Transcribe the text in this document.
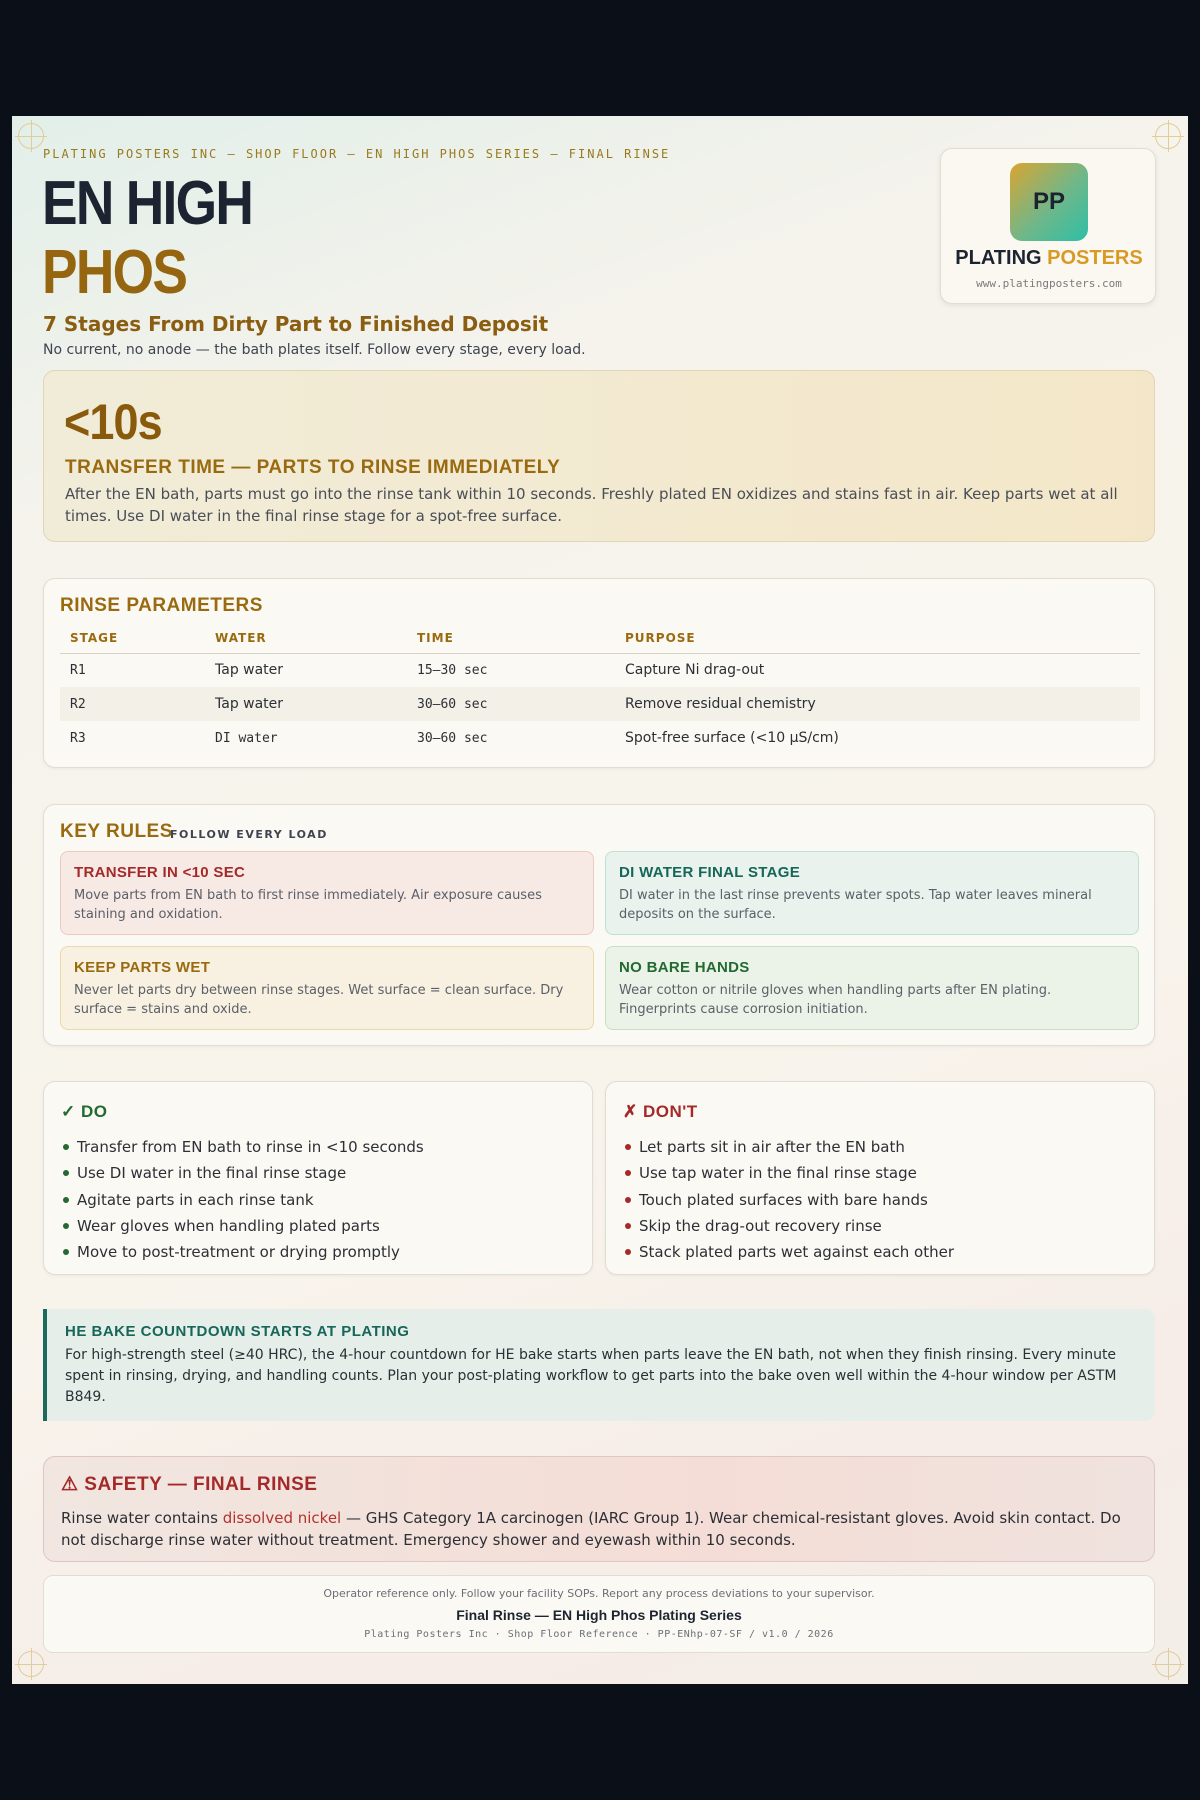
PLATING POSTERS INC — SHOP FLOOR — EN HIGH PHOS SERIES — FINAL RINSE
EN HIGH
PHOS
7 Stages From Dirty Part to Finished Deposit
No current, no anode — the bath plates itself. Follow every stage, every load.
PP
PLATING POSTERS
www.platingposters.com
<10s
TRANSFER TIME — PARTS TO RINSE IMMEDIATELY
After the EN bath, parts must go into the rinse tank within 10 seconds. Freshly plated EN oxidizes and stains fast in air. Keep parts wet at all times. Use DI water in the final rinse stage for a spot-free surface.
RINSE PARAMETERS
STAGE	WATER	TIME	PURPOSE
R1	Tap water	15–30 sec	Capture Ni drag-out
R2	Tap water	30–60 sec	Remove residual chemistry
R3	DI water	30–60 sec	Spot-free surface (<10 µS/cm)
KEY RULES
FOLLOW EVERY LOAD
TRANSFER IN <10 SEC
Move parts from EN bath to first rinse immediately. Air exposure causes staining and oxidation.
DI WATER FINAL STAGE
DI water in the last rinse prevents water spots. Tap water leaves mineral deposits on the surface.
KEEP PARTS WET
Never let parts dry between rinse stages. Wet surface = clean surface. Dry surface = stains and oxide.
NO BARE HANDS
Wear cotton or nitrile gloves when handling parts after EN plating. Fingerprints cause corrosion initiation.
✓ DO
Transfer from EN bath to rinse in <10 seconds
Use DI water in the final rinse stage
Agitate parts in each rinse tank
Wear gloves when handling plated parts
Move to post-treatment or drying promptly
✗ DON'T
Let parts sit in air after the EN bath
Use tap water in the final rinse stage
Touch plated surfaces with bare hands
Skip the drag-out recovery rinse
Stack plated parts wet against each other
HE BAKE COUNTDOWN STARTS AT PLATING
For high-strength steel (≥40 HRC), the 4-hour countdown for HE bake starts when parts leave the EN bath, not when they finish rinsing. Every minute spent in rinsing, drying, and handling counts. Plan your post-plating workflow to get parts into the bake oven well within the 4-hour window per ASTM B849.
⚠ SAFETY — FINAL RINSE
Rinse water contains dissolved nickel — GHS Category 1A carcinogen (IARC Group 1). Wear chemical-resistant gloves. Avoid skin contact. Do not discharge rinse water without treatment. Emergency shower and eyewash within 10 seconds.
Operator reference only. Follow your facility SOPs. Report any process deviations to your supervisor.
Final Rinse — EN High Phos Plating Series
Plating Posters Inc · Shop Floor Reference · PP-ENhp-07-SF / v1.0 / 2026
